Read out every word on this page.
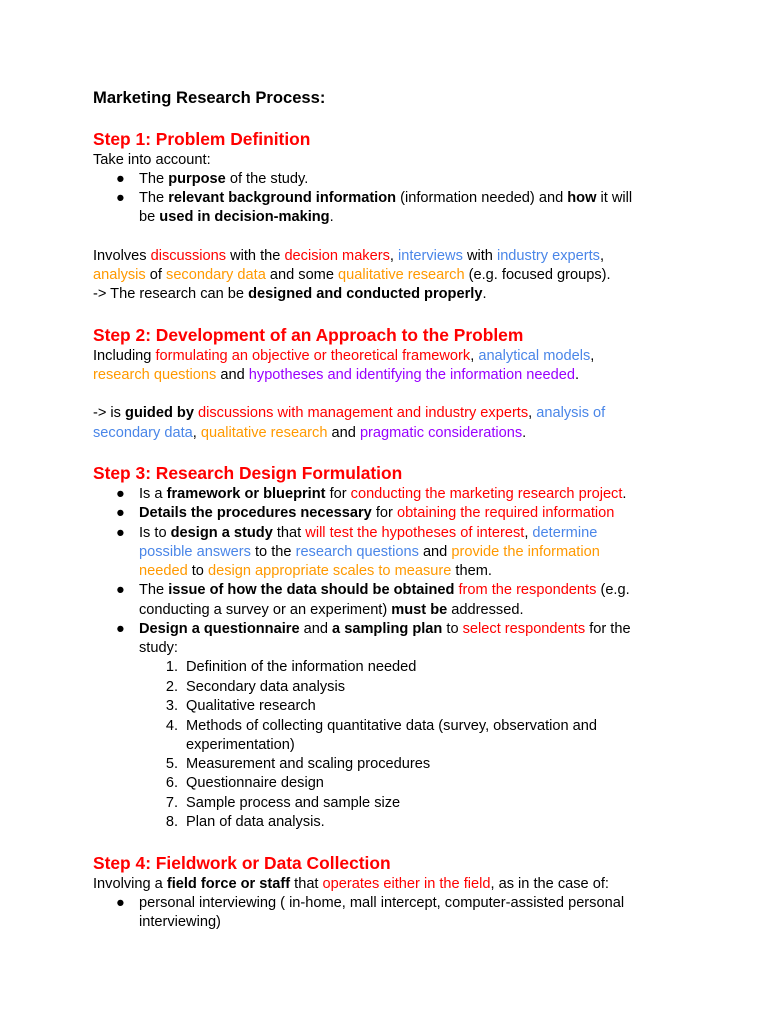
Marketing Research Process:
Step 1: Problem Definition
Take into account:
● The purpose of the study.
● The relevant background information (information needed) and how it will
be used in decision-making.
Involves discussions with the decision makers, interviews with industry experts,
analysis of secondary data and some qualitative research (e.g. focused groups).
-> The research can be designed and conducted properly.
Step 2: Development of an Approach to the Problem
Including formulating an objective or theoretical framework, analytical models,
research questions and hypotheses and identifying the information needed.
-> is guided by discussions with management and industry experts, analysis of
secondary data, qualitative research and pragmatic considerations.
Step 3: Research Design Formulation
● Is a framework or blueprint for conducting the marketing research project.
● Details the procedures necessary for obtaining the required information
● Is to design a study that will test the hypotheses of interest, determine
possible answers to the research questions and provide the information
needed to design appropriate scales to measure them.
● The issue of how the data should be obtained from the respondents (e.g.
conducting a survey or an experiment) must be addressed.
● Design a questionnaire and a sampling plan to select respondents for the
study:
1. Definition of the information needed
2. Secondary data analysis
3. Qualitative research
4. Methods of collecting quantitative data (survey, observation and
experimentation)
5. Measurement and scaling procedures
6. Questionnaire design
7. Sample process and sample size
8. Plan of data analysis.
Step 4: Fieldwork or Data Collection
Involving a field force or staff that operates either in the field, as in the case of:
● personal interviewing ( in-home, mall intercept, computer-assisted personal
interviewing)
